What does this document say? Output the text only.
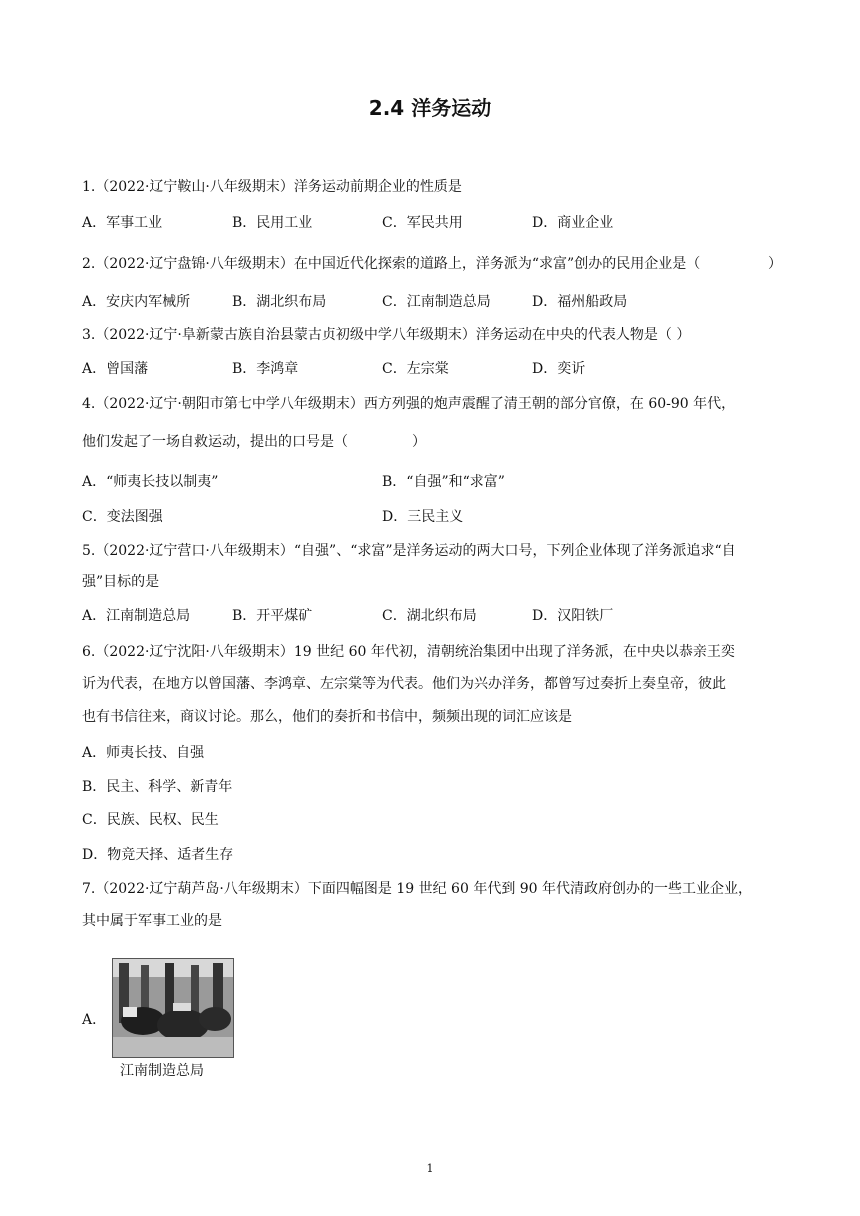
2.4 洋务运动
1.（2022·辽宁鞍山·八年级期末）洋务运动前期企业的性质是
A．军事工业	B．民用工业	C．军民共用	D．商业企业
2.（2022·辽宁盘锦·八年级期末）在中国近代化探索的道路上，洋务派为“求富”创办的民用企业是（	）
A．安庆内军械所	B．湖北织布局	C．江南制造总局	D．福州船政局
3.（2022·辽宁·阜新蒙古族自治县蒙古贞初级中学八年级期末）洋务运动在中央的代表人物是（ ）
A．曾国藩	B．李鸿章	C．左宗棠	D．奕䜣
4.（2022·辽宁·朝阳市第七中学八年级期末）西方列强的炮声震醒了清王朝的部分官僚，在 60-90 年代，
他们发起了一场自救运动，提出的口号是（	）
A．“师夷长技以制夷”	B．“自强”和“求富”
C．变法图强	D．三民主义
5.（2022·辽宁营口·八年级期末）“自强”、“求富”是洋务运动的两大口号，下列企业体现了洋务派追求“自
强”目标的是
A．江南制造总局	B．开平煤矿	C．湖北织布局	D．汉阳铁厂
6.（2022·辽宁沈阳·八年级期末）19 世纪 60 年代初，清朝统治集团中出现了洋务派，在中央以恭亲王奕
䜣为代表，在地方以曾国藩、李鸿章、左宗棠等为代表。他们为兴办洋务，都曾写过奏折上奏皇帝，彼此
也有书信往来，商议讨论。那么，他们的奏折和书信中，频频出现的词汇应该是
A．师夷长技、自强
B．民主、科学、新青年
C．民族、民权、民生
D．物竞天择、适者生存
7.（2022·辽宁葫芦岛·八年级期末）下面四幅图是 19 世纪 60 年代到 90 年代清政府创办的一些工业企业，
其中属于军事工业的是
A．
江南制造总局
1
